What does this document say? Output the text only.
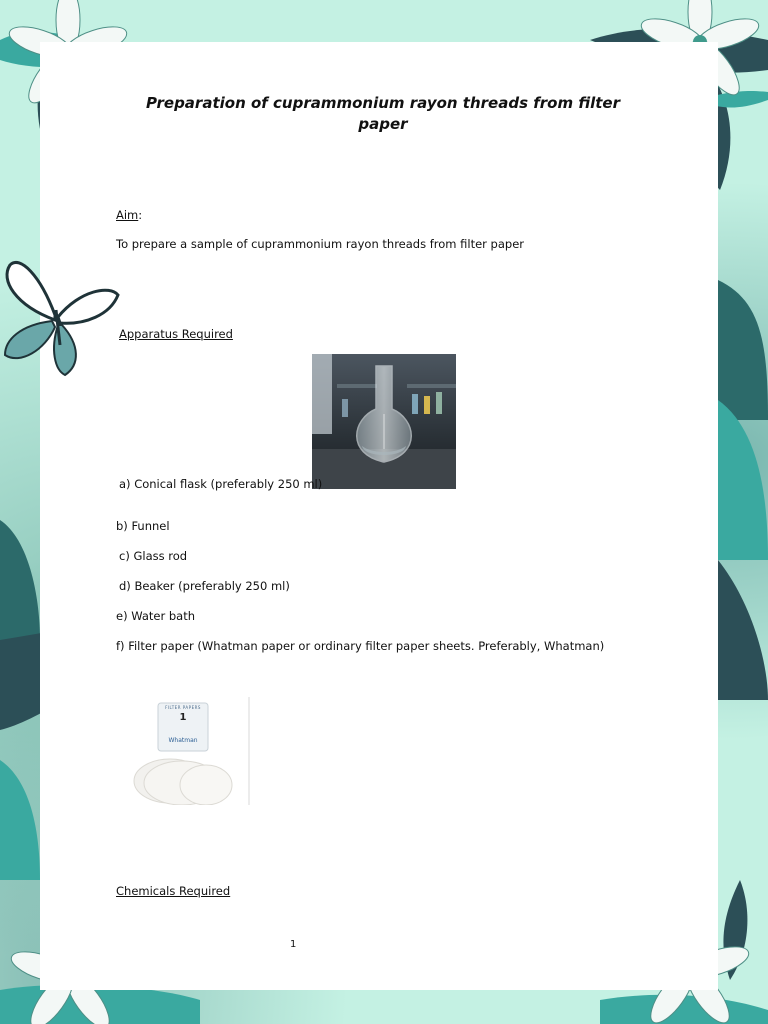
Preparation of cuprammonium rayon threads from filter paper
Aim:
To prepare a sample of cuprammonium rayon threads from filter paper
Apparatus Required
a) Conical flask (preferably 250 ml)
b) Funnel
c) Glass rod
d) Beaker (preferably 250 ml)
e) Water bath
f) Filter paper (Whatman paper or ordinary filter paper sheets. Preferably, Whatman)
FILTER PAPERS
1
Whatman
Chemicals Required
1
